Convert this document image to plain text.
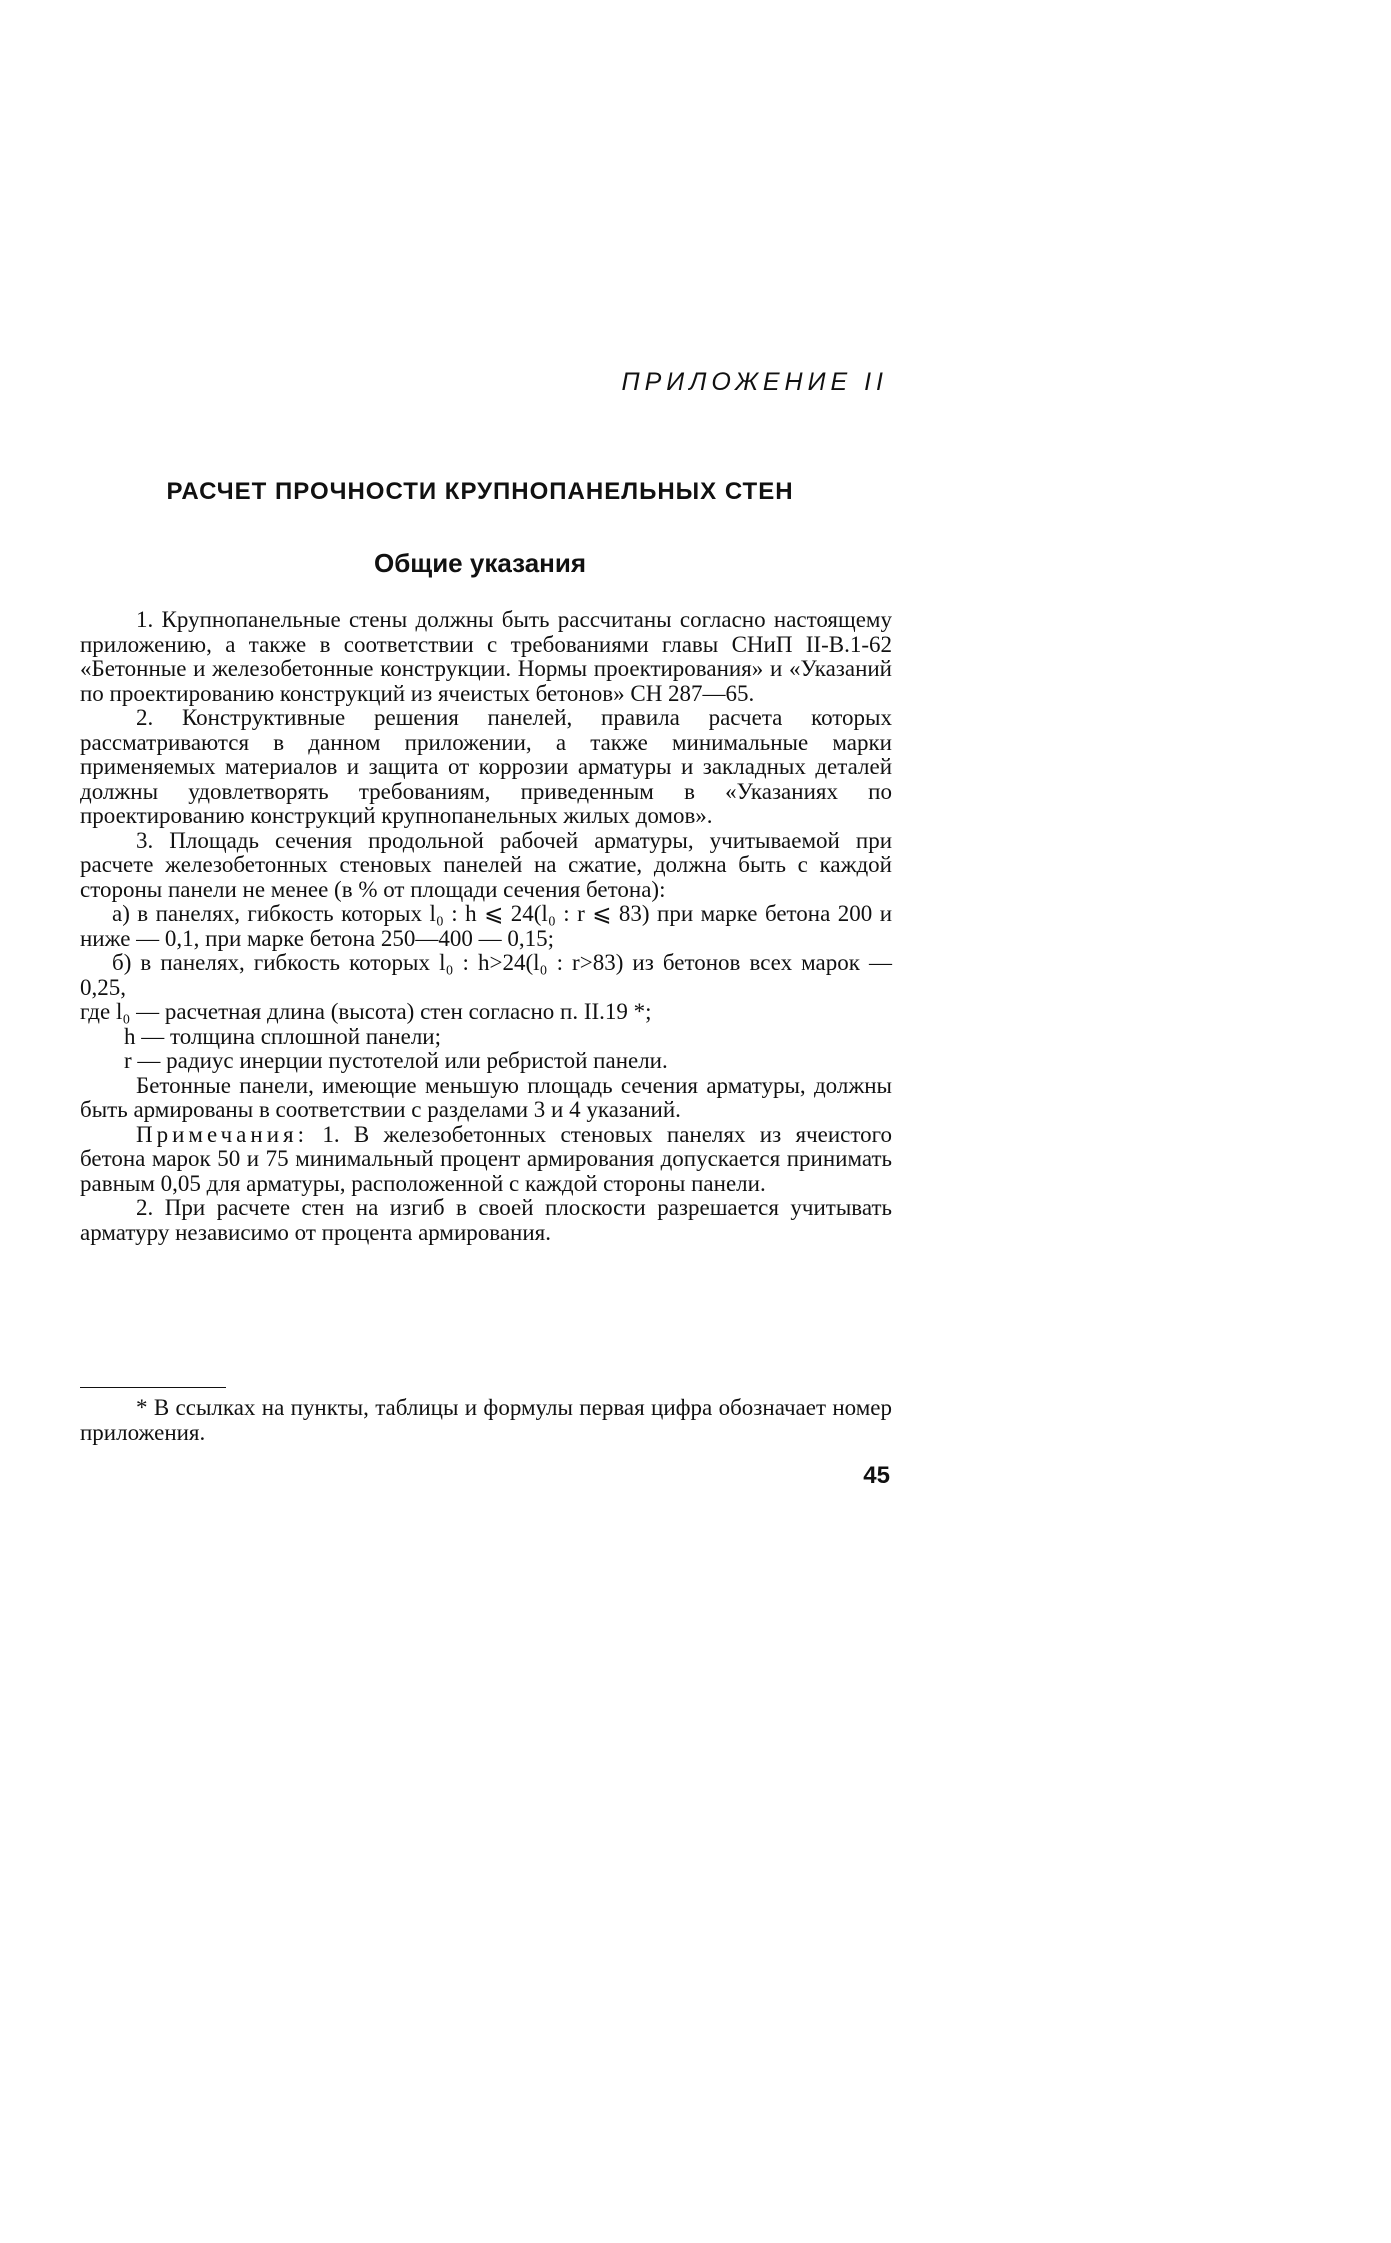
ПРИЛОЖЕНИЕ II
РАСЧЕТ ПРОЧНОСТИ КРУПНОПАНЕЛЬНЫХ СТЕН
Общие указания

1. Крупнопанельные стены должны быть рассчитаны согласно настоящему приложению, а также в соответствии с требованиями главы СНиП II-В.1-62 «Бетонные и железобетонные конструкции. Нормы проектирования» и «Указаний по проектированию конструкций из ячеистых бетонов» СН 287—65.

2. Конструктивные решения панелей, правила расчета которых рассматриваются в данном приложении, а также минимальные марки применяемых материалов и защита от коррозии арматуры и закладных деталей должны удовлетворять требованиям, приведенным в «Указаниях по проектированию конструкций крупнопанельных жилых домов».

3. Площадь сечения продольной рабочей арматуры, учитываемой при расчете железобетонных стеновых панелей на сжатие, должна быть с каждой стороны панели не менее (в % от площади сечения бетона):

а) в панелях, гибкость которых l₀ : h ⩽ 24(l₀ : r ⩽ 83) при марке бетона 200 и ниже — 0,1, при марке бетона 250—400 — 0,15;

б) в панелях, гибкость которых l₀ : h>24(l₀ : r>83) из бетонов всех марок — 0,25,

где l₀ — расчетная длина (высота) стен согласно п. II.19 *;

h — толщина сплошной панели;

r — радиус инерции пустотелой или ребристой панели.

Бетонные панели, имеющие меньшую площадь сечения арматуры, должны быть армированы в соответствии с разделами 3 и 4 указаний.

Примечания: 1. В железобетонных стеновых панелях из ячеистого бетона марок 50 и 75 минимальный процент армирования допускается принимать равным 0,05 для арматуры, расположенной с каждой стороны панели.

2. При расчете стен на изгиб в своей плоскости разрешается учитывать арматуру независимо от процента армирования.

* В ссылках на пункты, таблицы и формулы первая цифра обозначает номер приложения.

45
